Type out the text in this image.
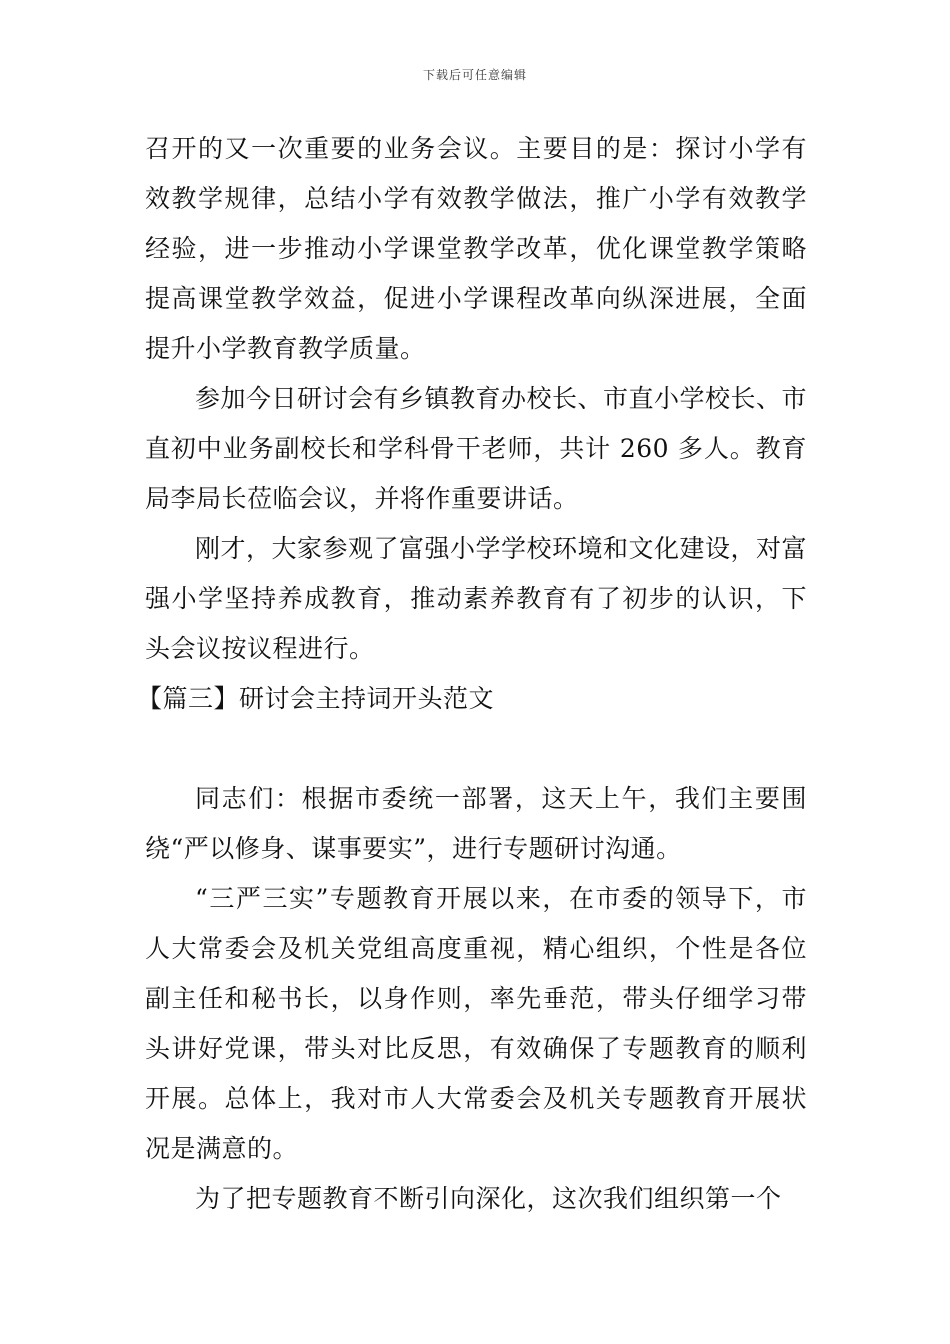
下载后可任意编辑

召开的又一次重要的业务会议。主要目的是：探讨小学有效教学规律，总结小学有效教学做法，推广小学有效教学经验，进一步推动小学课堂教学改革，优化课堂教学策略提高课堂教学效益，促进小学课程改革向纵深进展，全面提升小学教育教学质量。

参加今日研讨会有乡镇教育办校长、市直小学校长、市直初中业务副校长和学科骨干老师，共计 260 多人。教育局李局长莅临会议，并将作重要讲话。

刚才，大家参观了富强小学学校环境和文化建设，对富强小学坚持养成教育，推动素养教育有了初步的认识，下头会议按议程进行。

【篇三】研讨会主持词开头范文

同志们：根据市委统一部署，这天上午，我们主要围绕“严以修身、谋事要实”，进行专题研讨沟通。

“三严三实”专题教育开展以来，在市委的领导下，市人大常委会及机关党组高度重视，精心组织，个性是各位副主任和秘书长，以身作则，率先垂范，带头仔细学习带头讲好党课，带头对比反思，有效确保了专题教育的顺利开展。总体上，我对市人大常委会及机关专题教育开展状况是满意的。

为了把专题教育不断引向深化，这次我们组织第一个
